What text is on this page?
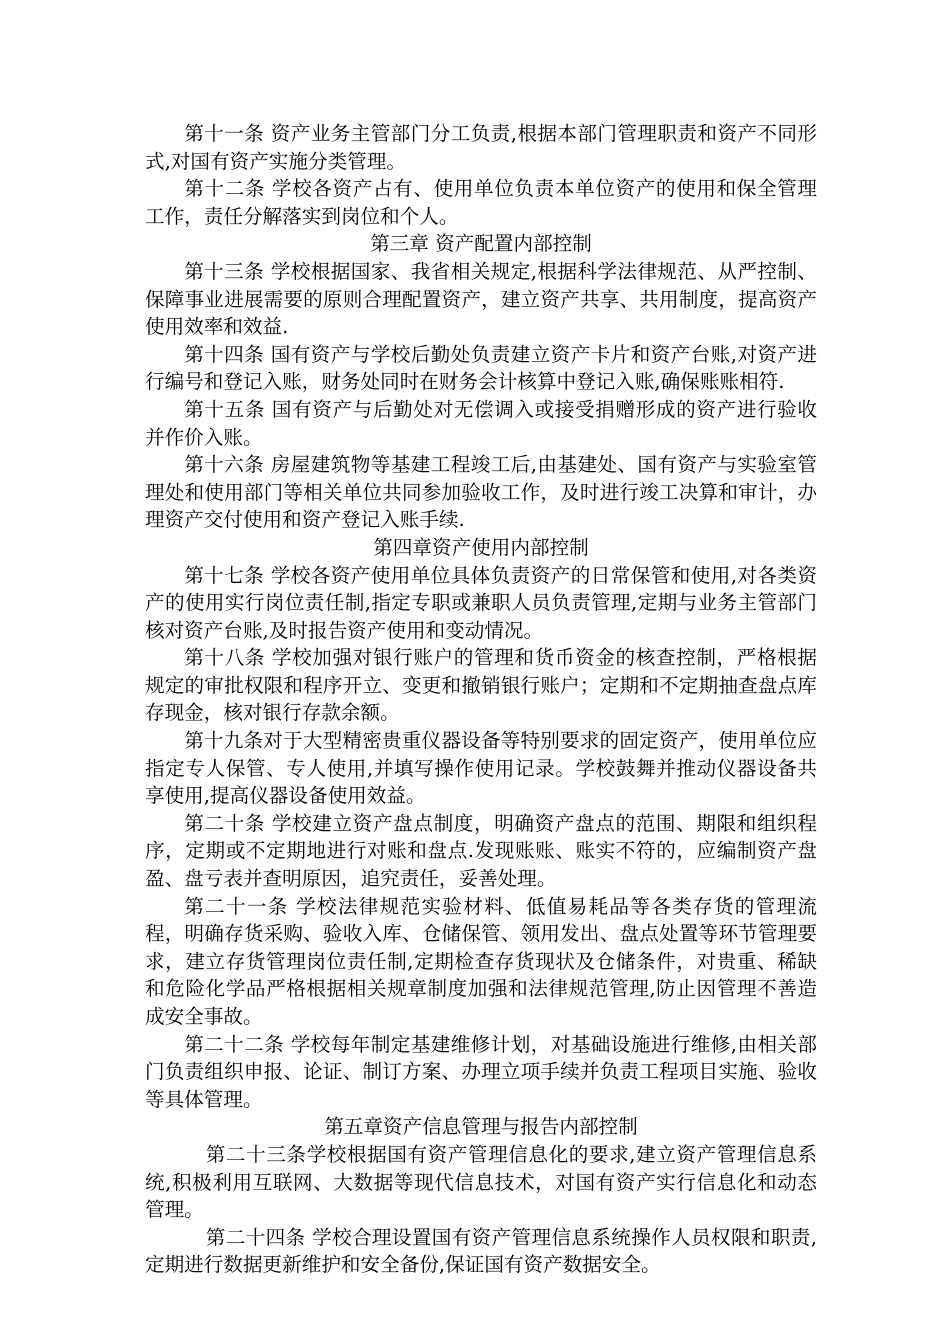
第十一条 资产业务主管部门分工负责,根据本部门管理职责和资产不同形式,对国有资产实施分类管理。

第十二条 学校各资产占有、使用单位负责本单位资产的使用和保全管理工作，责任分解落实到岗位和个人。

第三章 资产配置内部控制

第十三条 学校根据国家、我省相关规定,根据科学法律规范、从严控制、保障事业进展需要的原则合理配置资产，建立资产共享、共用制度，提高资产使用效率和效益.

第十四条 国有资产与学校后勤处负责建立资产卡片和资产台账,对资产进行编号和登记入账，财务处同时在财务会计核算中登记入账,确保账账相符.

第十五条 国有资产与后勤处对无偿调入或接受捐赠形成的资产进行验收并作价入账。

第十六条 房屋建筑物等基建工程竣工后,由基建处、国有资产与实验室管理处和使用部门等相关单位共同参加验收工作，及时进行竣工决算和审计，办理资产交付使用和资产登记入账手续.

第四章资产使用内部控制

第十七条 学校各资产使用单位具体负责资产的日常保管和使用,对各类资产的使用实行岗位责任制,指定专职或兼职人员负责管理,定期与业务主管部门核对资产台账,及时报告资产使用和变动情况。

第十八条 学校加强对银行账户的管理和货币资金的核查控制，严格根据规定的审批权限和程序开立、变更和撤销银行账户；定期和不定期抽查盘点库存现金，核对银行存款余额。

第十九条对于大型精密贵重仪器设备等特别要求的固定资产，使用单位应指定专人保管、专人使用,并填写操作使用记录。学校鼓舞并推动仪器设备共享使用,提高仪器设备使用效益。

第二十条 学校建立资产盘点制度，明确资产盘点的范围、期限和组织程序，定期或不定期地进行对账和盘点.发现账账、账实不符的，应编制资产盘盈、盘亏表并查明原因，追究责任，妥善处理。

第二十一条 学校法律规范实验材料、低值易耗品等各类存货的管理流程，明确存货采购、验收入库、仓储保管、领用发出、盘点处置等环节管理要求，建立存货管理岗位责任制,定期检查存货现状及仓储条件，对贵重、稀缺和危险化学品严格根据相关规章制度加强和法律规范管理,防止因管理不善造成安全事故。

第二十二条 学校每年制定基建维修计划，对基础设施进行维修,由相关部门负责组织申报、论证、制订方案、办理立项手续并负责工程项目实施、验收等具体管理。

第五章资产信息管理与报告内部控制

第二十三条学校根据国有资产管理信息化的要求,建立资产管理信息系统,积极利用互联网、大数据等现代信息技术，对国有资产实行信息化和动态管理。

第二十四条 学校合理设置国有资产管理信息系统操作人员权限和职责,定期进行数据更新维护和安全备份,保证国有资产数据安全。
